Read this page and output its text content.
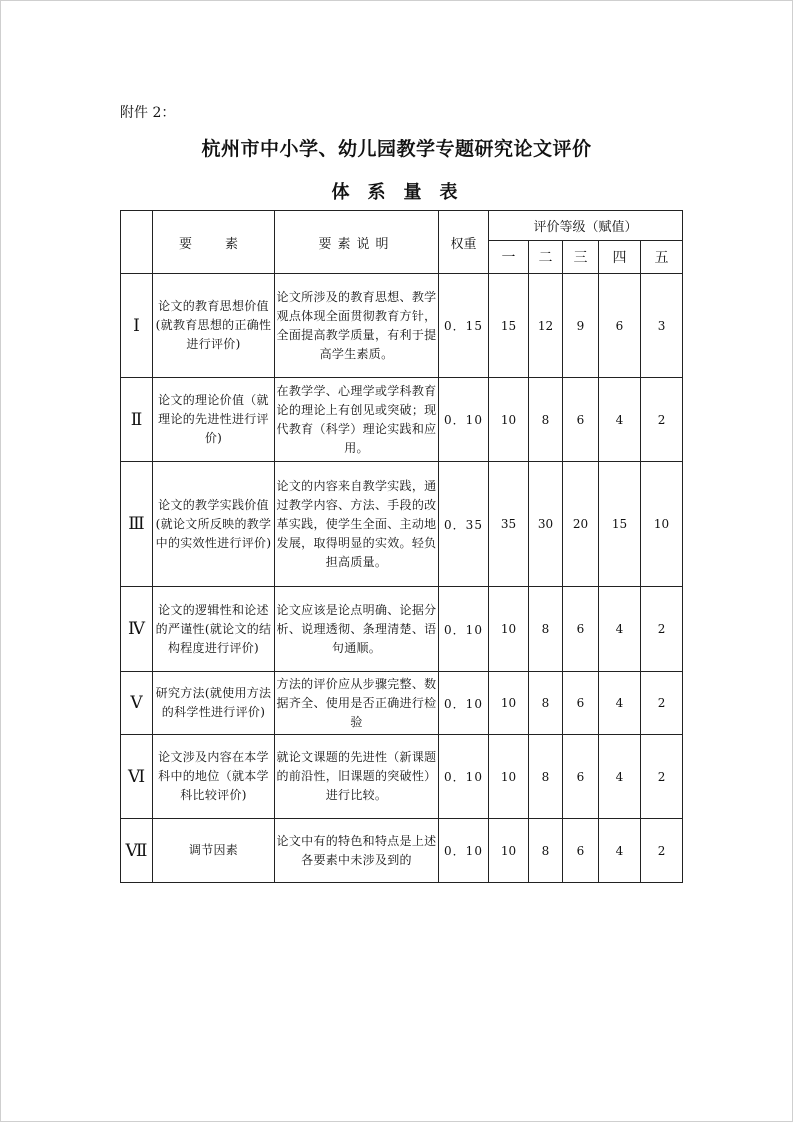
附件 2：
杭州市中小学、幼儿园教学专题研究论文评价
体系量表
	要　素	要素说明	权重	评价等级（赋值）				
				一	二	三	四	五
Ⅰ	论文的教育思想价值(就教育思想的正确性进行评价)	论文所涉及的教育思想、教学观点体现全面贯彻教育方针，全面提高教学质量，有利于提高学生素质。	0．15	15	12	9	6	3
Ⅱ	论文的理论价值（就理论的先进性进行评价)	在教学学、心理学或学科教育论的理论上有创见或突破；现代教育（科学）理论实践和应用。	0．10	10	8	6	4	2
Ⅲ	论文的教学实践价值(就论文所反映的教学中的实效性进行评价)	论文的内容来自教学实践，通过教学内容、方法、手段的改革实践，使学生全面、主动地发展，取得明显的实效。轻负担高质量。	0．35	35	30	20	15	10
Ⅳ	论文的逻辑性和论述的严谨性(就论文的结构程度进行评价)	论文应该是论点明确、论据分析、说理透彻、条理清楚、语句通顺。	0．10	10	8	6	4	2
Ⅴ	研究方法(就使用方法的科学性进行评价)	方法的评价应从步骤完整、数据齐全、使用是否正确进行检验	0．10	10	8	6	4	2
Ⅵ	论文涉及内容在本学科中的地位（就本学科比较评价)	就论文课题的先进性（新课题的前沿性，旧课题的突破性）进行比较。	0．10	10	8	6	4	2
Ⅶ	调节因素	论文中有的特色和特点是上述各要素中未涉及到的	0．10	10	8	6	4	2
